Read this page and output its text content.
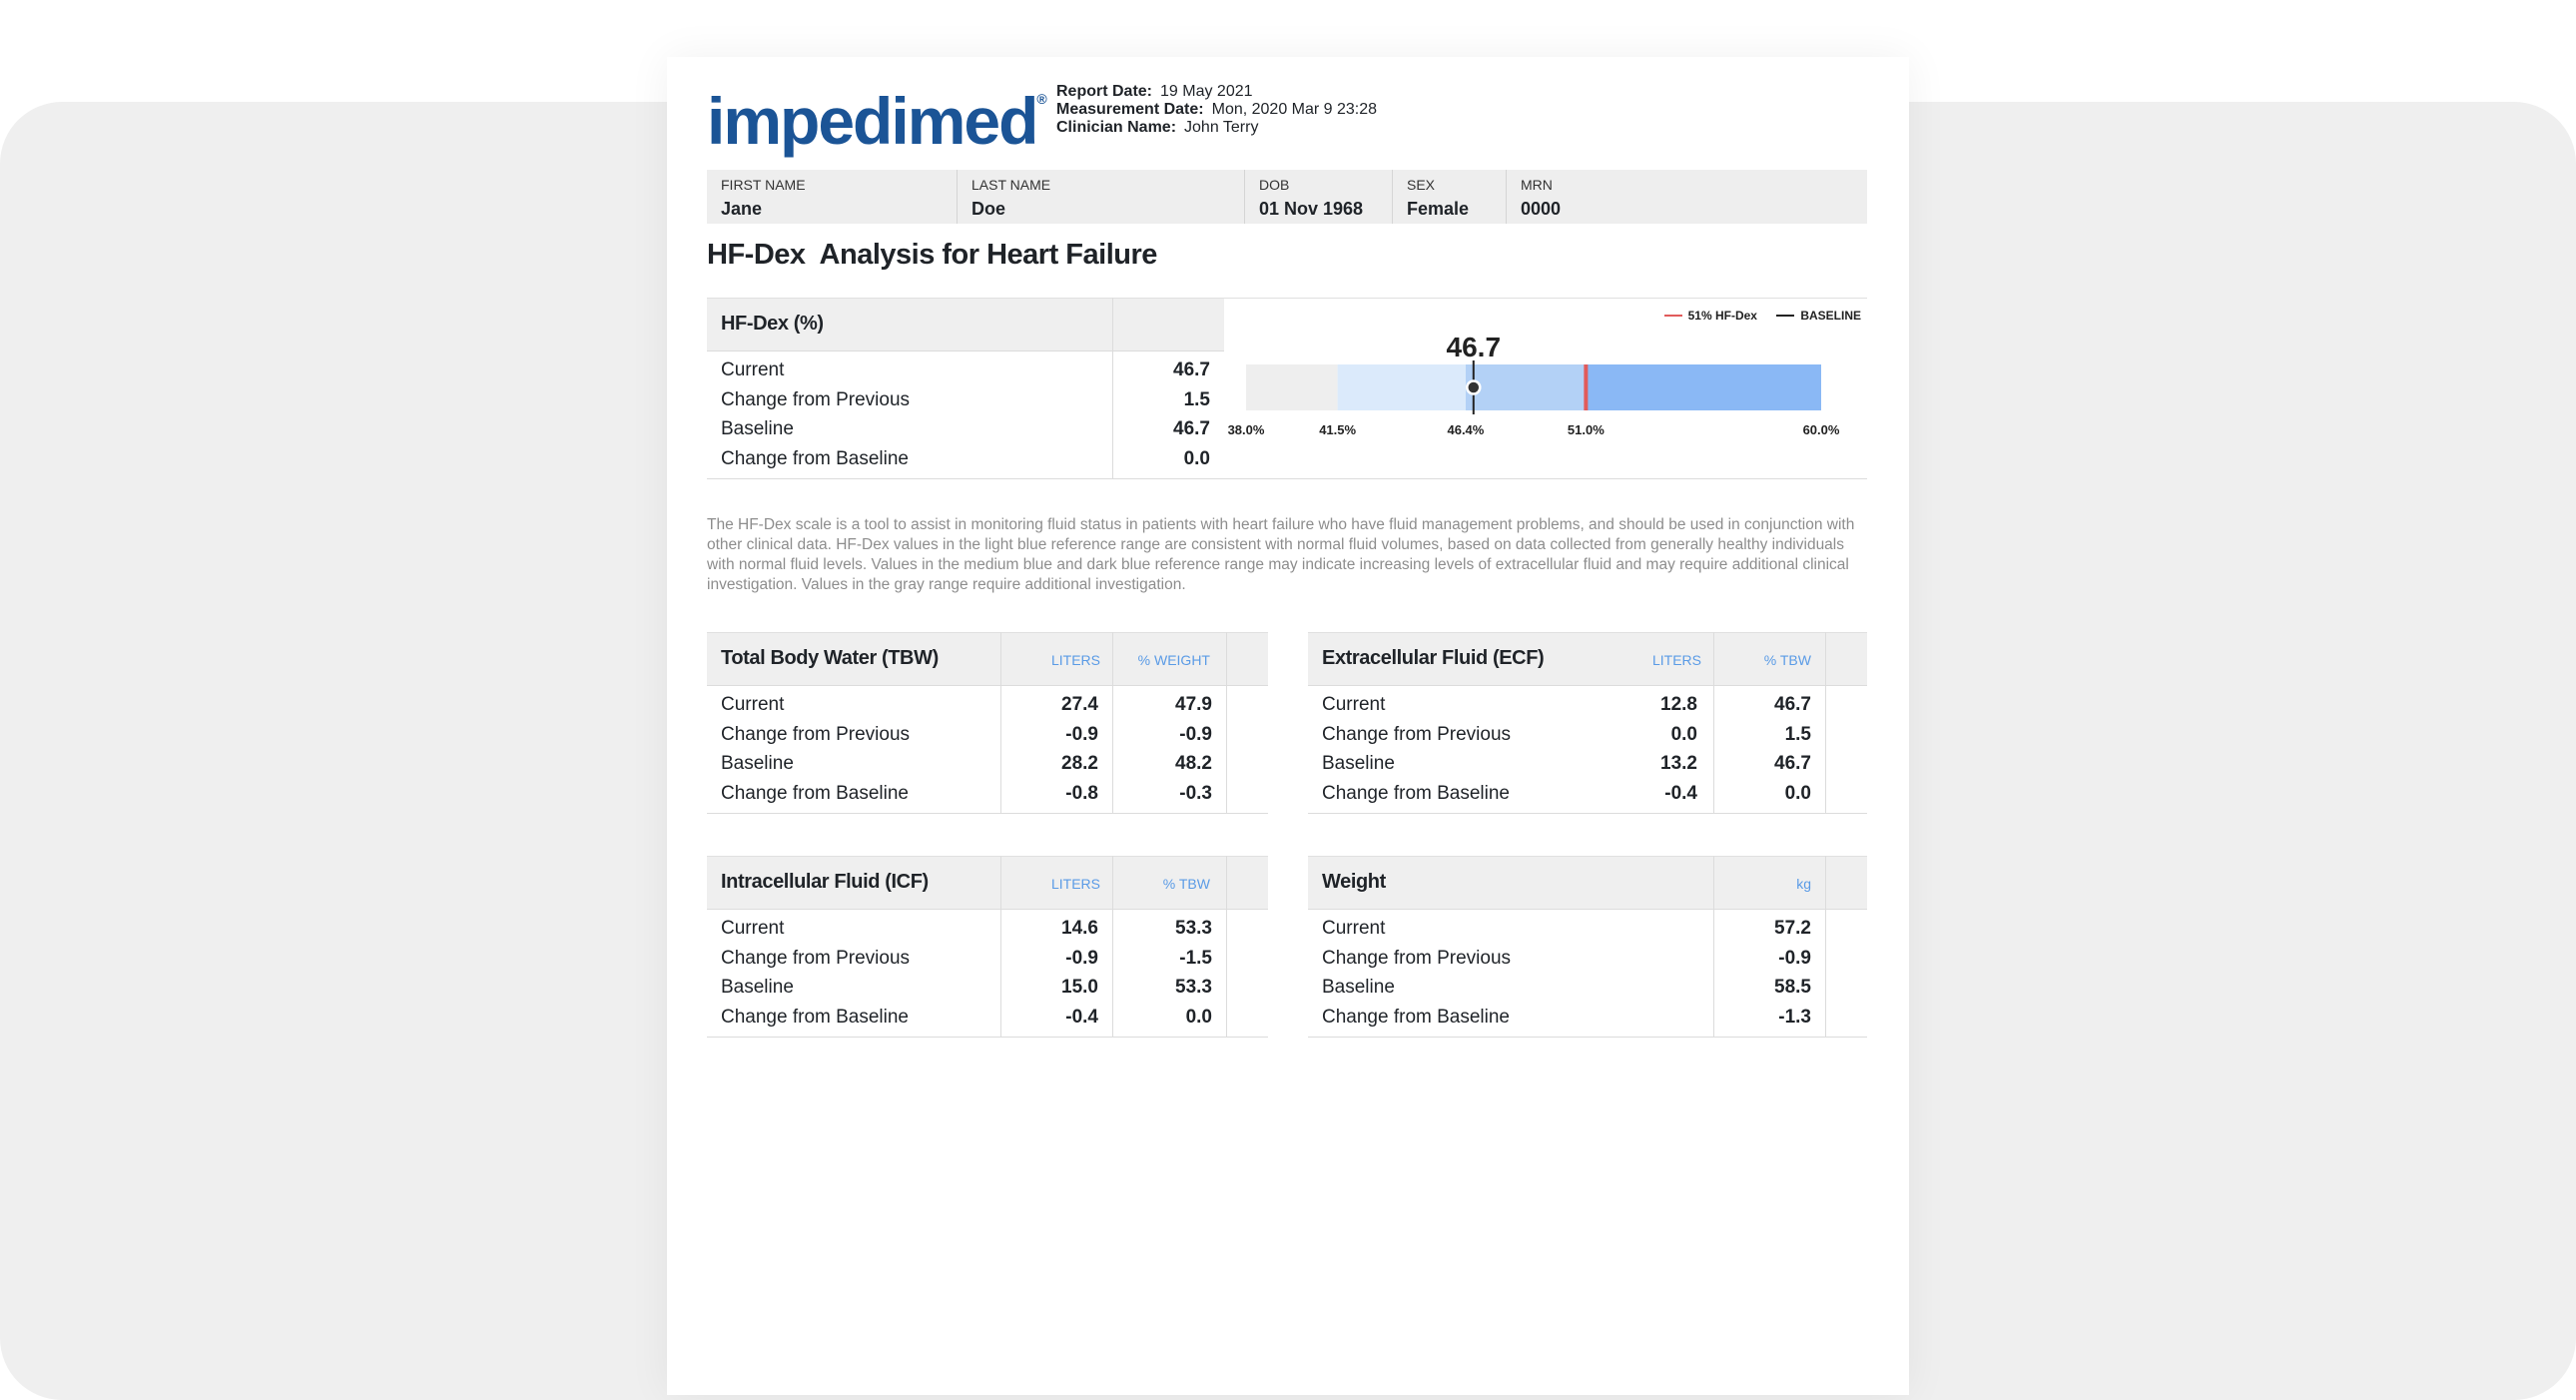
impedimed® Report Date: 19 May 2021
Measurement Date: Mon, 2020 Mar 9 23:28
Clinician Name: John Terry
FIRST NAME
Jane
LAST NAME
Doe
DOB
01 Nov 1968
SEX
Female
MRN
0000
HF-Dex  Analysis for Heart Failure
HF-Dex (%)
Current	46.7
Change from Previous	1.5
Baseline	46.7
Change from Baseline	0.0
46.7
38.0%	41.5%	46.4%	51.0%	60.0%
51% HF-Dex	BASELINE
The HF-Dex scale is a tool to assist in monitoring fluid status in patients with heart failure who have fluid management problems, and should be used in conjunction with other clinical data. HF-Dex values in the light blue reference range are consistent with normal fluid volumes, based on data collected from generally healthy individuals with normal fluid levels. Values in the medium blue and dark blue reference range may indicate increasing levels of extracellular fluid and may require additional clinical investigation. Values in the gray range require additional investigation.
Total Body Water (TBW)	LITERS	% WEIGHT
Current	27.4	47.9
Change from Previous	-0.9	-0.9
Baseline	28.2	48.2
Change from Baseline	-0.8	-0.3
Extracellular Fluid (ECF)	LITERS	% TBW
Current	12.8	46.7
Change from Previous	0.0	1.5
Baseline	13.2	46.7
Change from Baseline	-0.4	0.0
Intracellular Fluid (ICF)	LITERS	% TBW
Current	14.6	53.3
Change from Previous	-0.9	-1.5
Baseline	15.0	53.3
Change from Baseline	-0.4	0.0
Weight	kg
Current	57.2
Change from Previous	-0.9
Baseline	58.5
Change from Baseline	-1.3
